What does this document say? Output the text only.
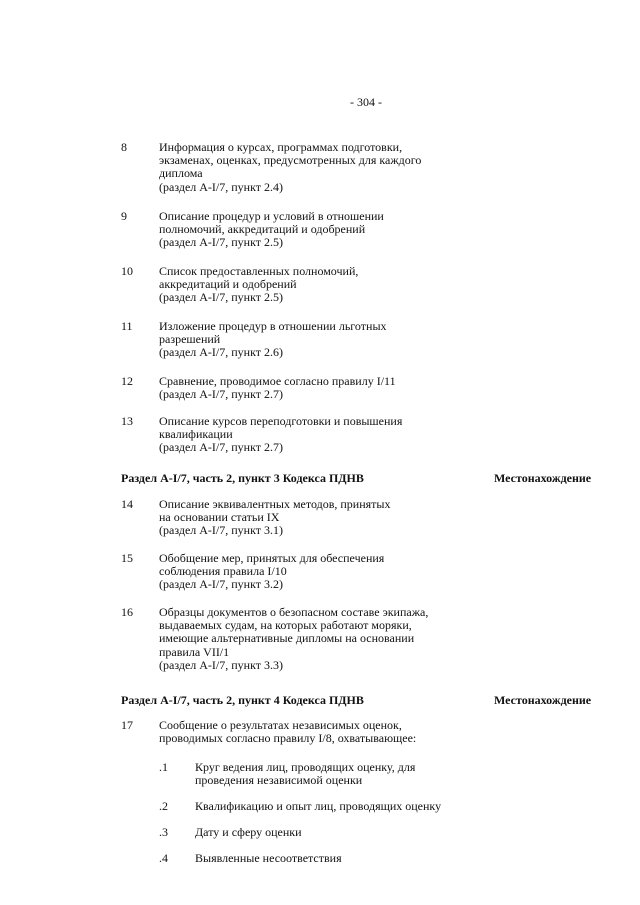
- 304 -
8	Информация о курсах, программах подготовки,
экзаменах, оценках, предусмотренных для каждого
диплома
(раздел A-I/7, пункт 2.4)
9	Описание процедур и условий в отношении
полномочий, аккредитаций и одобрений
(раздел A-I/7, пункт 2.5)
10 Список предоставленных полномочий,
аккредитаций и одобрений
(раздел A-I/7, пункт 2.5)
11 Изложение процедур в отношении льготных
разрешений
(раздел A-I/7, пункт 2.6)
12 Сравнение, проводимое согласно правилу I/11
(раздел A-I/7, пункт 2.7)
13 Описание курсов переподготовки и повышения
квалификации
(раздел A-I/7, пункт 2.7)
Раздел A-I/7, часть 2, пункт 3 Кодекса ПДНВ	Местонахождение
14 Описание эквивалентных методов, принятых
на основании статьи IX
(раздел A-I/7, пункт 3.1)
15 Обобщение мер, принятых для обеспечения
соблюдения правила I/10
(раздел A-I/7, пункт 3.2)
16 Образцы документов о безопасном составе экипажа,
выдаваемых судам, на которых работают моряки,
имеющие альтернативные дипломы на основании
правила VII/1
(раздел A-I/7, пункт 3.3)
Раздел A-I/7, часть 2, пункт 4 Кодекса ПДНВ	Местонахождение
17 Сообщение о результатах независимых оценок,
проводимых согласно правилу I/8, охватывающее:
.1 Круг ведения лиц, проводящих оценку, для
проведения независимой оценки
.2 Квалификацию и опыт лиц, проводящих оценку
.3 Дату и сферу оценки
.4 Выявленные несоответствия
